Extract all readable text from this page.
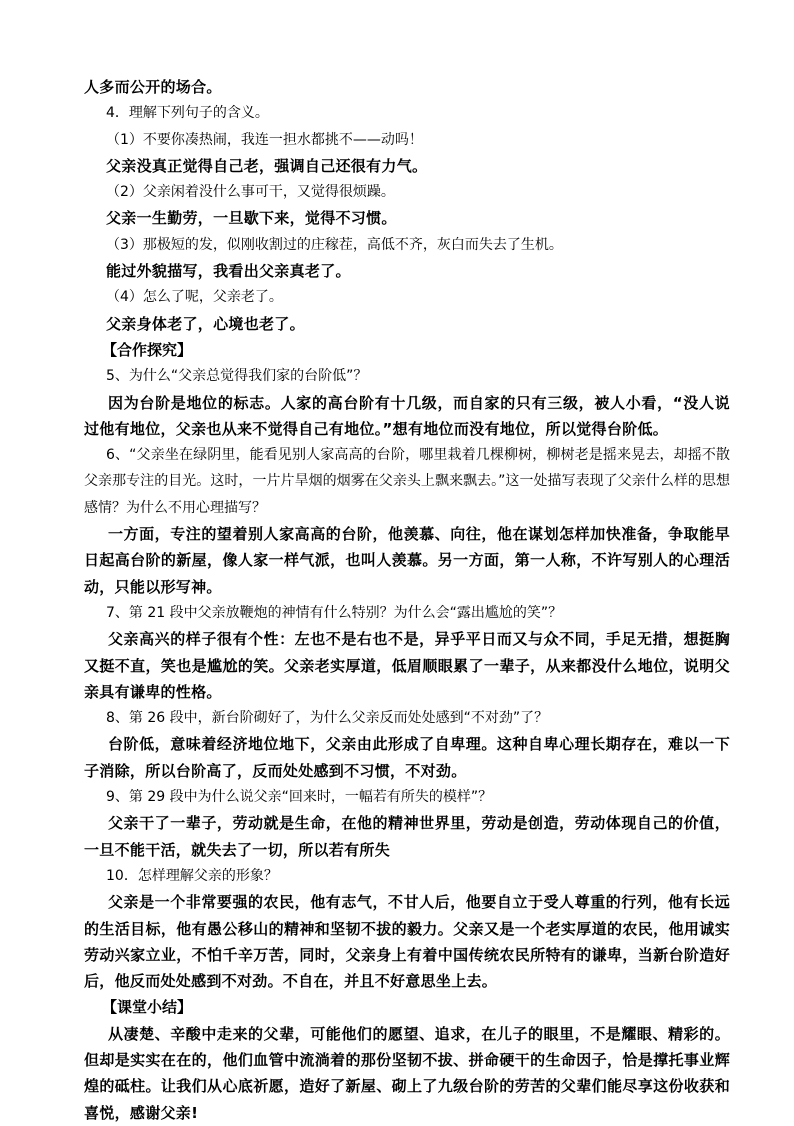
人多而公开的场合。

4．理解下列句子的含义。

（1）不要你凑热闹，我连一担水都挑不——动吗！

父亲没真正觉得自己老，强调自己还很有力气。

（2）父亲闲着没什么事可干，又觉得很烦躁。

父亲一生勤劳，一旦歇下来，觉得不习惯。

（3）那极短的发，似刚收割过的庄稼茬，高低不齐，灰白而失去了生机。

能过外貌描写，我看出父亲真老了。

（4）怎么了呢，父亲老了。

父亲身体老了，心境也老了。

【合作探究】

5、为什么“父亲总觉得我们家的台阶低”？

因为台阶是地位的标志。人家的高台阶有十几级，而自家的只有三级，被人小看，“没人说过他有地位，父亲也从来不觉得自己有地位。”想有地位而没有地位，所以觉得台阶低。

6、“父亲坐在绿阴里，能看见别人家高高的台阶，哪里栽着几棵柳树，柳树老是摇来晃去，却摇不散父亲那专注的目光。这时，一片片旱烟的烟雾在父亲头上飘来飘去。”这一处描写表现了父亲什么样的思想感情？为什么不用心理描写？

一方面，专注的望着别人家高高的台阶，他羡慕、向往，他在谋划怎样加快准备，争取能早日起高台阶的新屋，像人家一样气派，也叫人羡慕。另一方面，第一人称，不许写别人的心理活动，只能以形写神。

7、第 21 段中父亲放鞭炮的神情有什么特别？为什么会“露出尴尬的笑”？

父亲高兴的样子很有个性：左也不是右也不是，异乎平日而又与众不同，手足无措，想挺胸又挺不直，笑也是尴尬的笑。父亲老实厚道，低眉顺眼累了一辈子，从来都没什么地位，说明父亲具有谦卑的性格。

8、第 26 段中，新台阶砌好了，为什么父亲反而处处感到“不对劲”了？

台阶低，意味着经济地位地下，父亲由此形成了自卑理。这种自卑心理长期存在，难以一下子消除，所以台阶高了，反而处处感到不习惯，不对劲。

9、第 29 段中为什么说父亲“回来时，一幅若有所失的模样”？

父亲干了一辈子，劳动就是生命，在他的精神世界里，劳动是创造，劳动体现自己的价值，一旦不能干活，就失去了一切，所以若有所失

10．怎样理解父亲的形象？

父亲是一个非常要强的农民，他有志气，不甘人后，他要自立于受人尊重的行列，他有长远的生活目标，他有愚公移山的精神和坚韧不拔的毅力。父亲又是一个老实厚道的农民，他用诚实劳动兴家立业，不怕千辛万苦，同时，父亲身上有着中国传统农民所特有的谦卑，当新台阶造好后，他反而处处感到不对劲。不自在，并且不好意思坐上去。

【课堂小结】

从凄楚、辛酸中走来的父辈，可能他们的愿望、追求，在儿子的眼里，不是耀眼、精彩的。但却是实实在在的，他们血管中流淌着的那份坚韧不拔、拼命硬干的生命因子，恰是撑托事业辉煌的砥柱。让我们从心底祈愿，造好了新屋、砌上了九级台阶的劳苦的父辈们能尽享这份收获和喜悦，感谢父亲!
